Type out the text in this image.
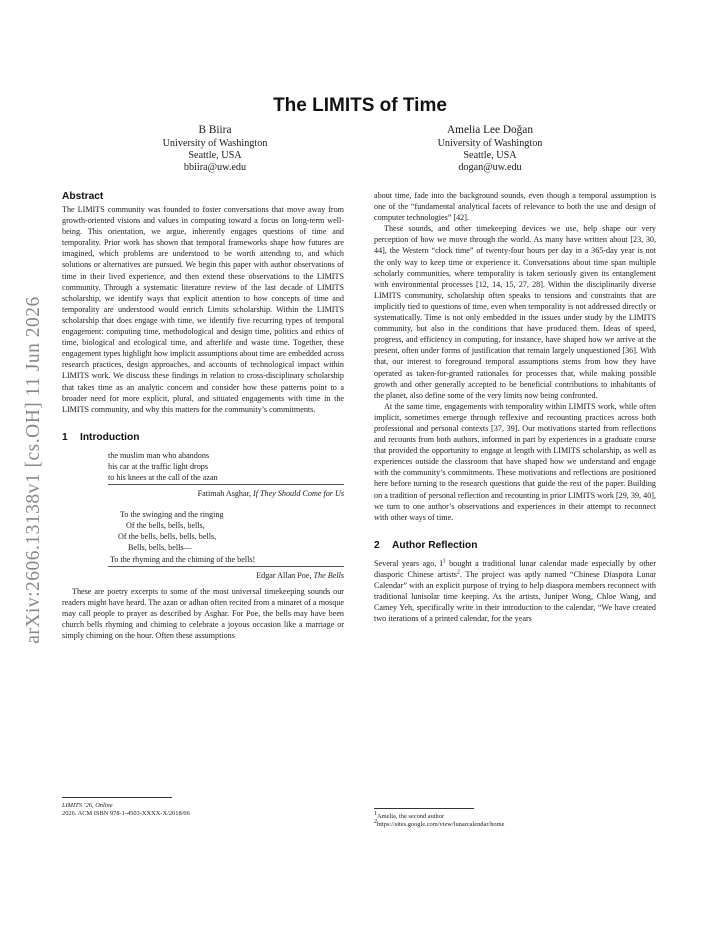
arXiv:2606.13138v1 [cs.OH] 11 Jun 2026
The LIMITS of Time
B Biira
University of Washington
Seattle, USA
bbiira@uw.edu
Amelia Lee Doğan
University of Washington
Seattle, USA
dogan@uw.edu
Abstract

The LIMITS community was founded to foster conversations that move away from growth-oriented visions and values in computing toward a focus on long-term well-being. This orientation, we argue, inherently engages questions of time and temporality. Prior work has shown that temporal frameworks shape how futures are imagined, which problems are understood to be worth attending to, and which solutions or alternatives are pursued. We begin this paper with author observations of time in their lived experience, and then extend these observations to the LIMITS community. Through a systematic literature review of the last decade of LIMITS scholarship, we identify ways that explicit attention to how concepts of time and temporality are understood would enrich Limits scholarship. Within the LIMITS scholarship that does engage with time, we identify five recurring types of temporal engagement: computing time, methodological and design time, politics and ethics of time, biological and ecological time, and afterlife and waste time. Together, these engagement types highlight how implicit assumptions about time are embedded across research practices, design approaches, and accounts of technological impact within LIMITS work. We discuss these findings in relation to cross-disciplinary scholarship that takes time as an analytic concern and consider how these patterns point to a broader need for more explicit, plural, and situated engagements with time in the LIMITS community, and why this matters for the community’s commitments.

1 Introduction
the muslim man who abandons
his car at the traffic light drops
to his knees at the call of the azan
Fatimah Asghar, If They Should Come for Us
To the swinging and the ringing
Of the bells, bells, bells,
Of the bells, bells, bells, bells,
Bells, bells, bells—
To the rhyming and the chiming of the bells!
Edgar Allan Poe, The Bells

These are poetry excerpts to some of the most universal timekeeping sounds our readers might have heard. The azan or adhan often recited from a minaret of a mosque may call people to prayer as described by Asghar. For Poe, the bells may have been church bells rhyming and chiming to celebrate a joyous occasion like a marriage or simply chiming on the hour. Often these assumptions

about time, fade into the background sounds, even though a temporal assumption is one of the “fundamental analytical facets of relevance to both the use and design of computer technologies” [42].

These sounds, and other timekeeping devices we use, help shape our very perception of how we move through the world. As many have written about [23, 30, 44], the Western “clock time” of twenty-four hours per day in a 365-day year is not the only way to keep time or experience it. Conversations about time span multiple scholarly communities, where temporality is taken seriously given its entanglement with environmental processes [12, 14, 15, 27, 28]. Within the disciplinarily diverse LIMITS community, scholarship often speaks to tensions and constraints that are implicitly tied to questions of time, even when temporality is not addressed directly or systematically. Time is not only embedded in the issues under study by the LIMITS community, but also in the conditions that have produced them. Ideas of speed, progress, and efficiency in computing, for instance, have shaped how we arrive at the present, often under forms of justification that remain largely unquestioned [36]. With that, our interest to foreground temporal assumptions stems from how they have operated as taken-for-granted rationales for processes that, while making possible growth and other generally accepted to be beneficial contributions to inhabitants of the planet, also define some of the very limits now being confronted.

At the same time, engagements with temporality within LIMITS work, while often implicit, sometimes emerge through reflexive and recounting practices across both professional and personal contexts [37, 39]. Our motivations started from reflections and recounts from both authors, informed in part by experiences in a graduate course that provided the opportunity to engage at length with LIMITS scholarship, as well as experiences outside the classroom that have shaped how we understand and engage with the community’s commitments. These motivations and reflections are positioned here before turning to the research questions that guide the rest of the paper. Building on a tradition of personal reflection and recounting in prior LIMITS work [29, 39, 40], we turn to one author’s observations and experiences in their attempt to reconnect with other ways of time.

2 Author Reflection

Several years ago, $I^1$ bought a traditional lunar calendar made especially by other diasporic Chinese artists$^2$. The project was aptly named “Chinese Diaspora Lunar Calendar” with an explicit purpose of trying to help diaspora members reconnect with traditional lunisolar time keeping. As the artists, Juniper Wong, Chloe Wang, and Camey Yeh, specifically write in their introduction to the calendar, “We have created two iterations of a printed calendar, for the years

LIMITS ’26, Online
2026. ACM ISBN 978-1-4503-XXXX-X/2018/06	$^1$Amelia, the second author
$^2$https://sites.google.com/view/lunarcalendar/home
